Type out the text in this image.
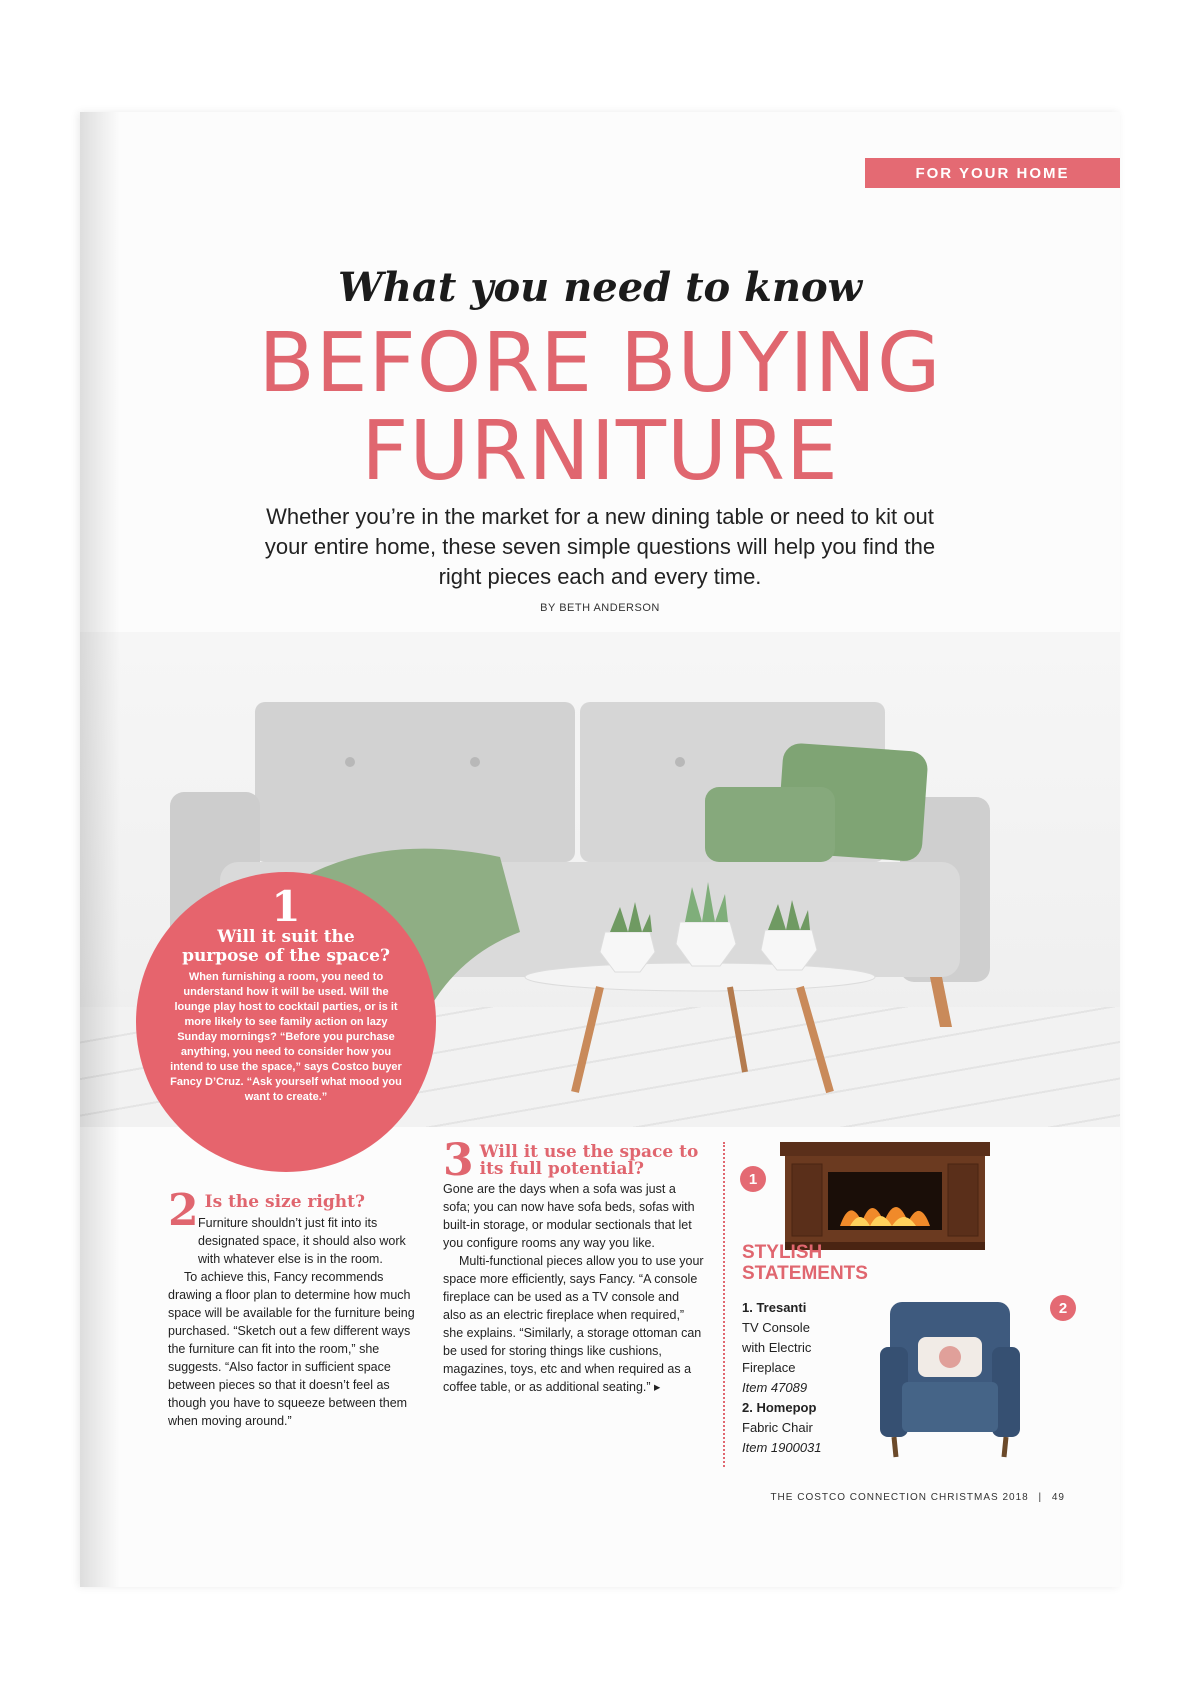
FOR YOUR HOME
What you need to know
BEFORE BUYING
FURNITURE
Whether you’re in the market for a new dining table or need to kit out your entire home, these seven simple questions will help you find the right pieces each and every time.
BY BETH ANDERSON
1
Will it suit the purpose of the space?
When furnishing a room, you need to understand how it will be used. Will the lounge play host to cocktail parties, or is it more likely to see family action on lazy Sunday mornings? “Before you purchase anything, you need to consider how you intend to use the space,” says Costco buyer Fancy D’Cruz. “Ask yourself what mood you want to create.”
2 Is the size right?

Furniture shouldn’t just fit into its designated space, it should also work with whatever else is in the room.

To achieve this, Fancy recommends drawing a floor plan to determine how much space will be available for the furniture being purchased. “Sketch out a few different ways the furniture can fit into the room,” she suggests. “Also factor in sufficient space between pieces so that it doesn’t feel as though you have to squeeze between them when moving around.”

3 Will it use the space to its full potential?

Gone are the days when a sofa was just a sofa; you can now have sofa beds, sofas with built-in storage, or modular sectionals that let you configure rooms any way you like.

Multi-functional pieces allow you to use your space more efficiently, says Fancy. “A console fireplace can be used as a TV console and also as an electric fireplace when required,” she explains. “Similarly, a storage ottoman can be used for storing things like cushions, magazines, toys, etc and when required as a coffee table, or as additional seating.” ▸

1
STYLISH
STATEMENTS
1. Tresanti
TV Console
with Electric
Fireplace
Item 47089
2. Homepop
Fabric Chair
Item 1900031
2
THE COSTCO CONNECTION CHRISTMAS 2018 | 49
